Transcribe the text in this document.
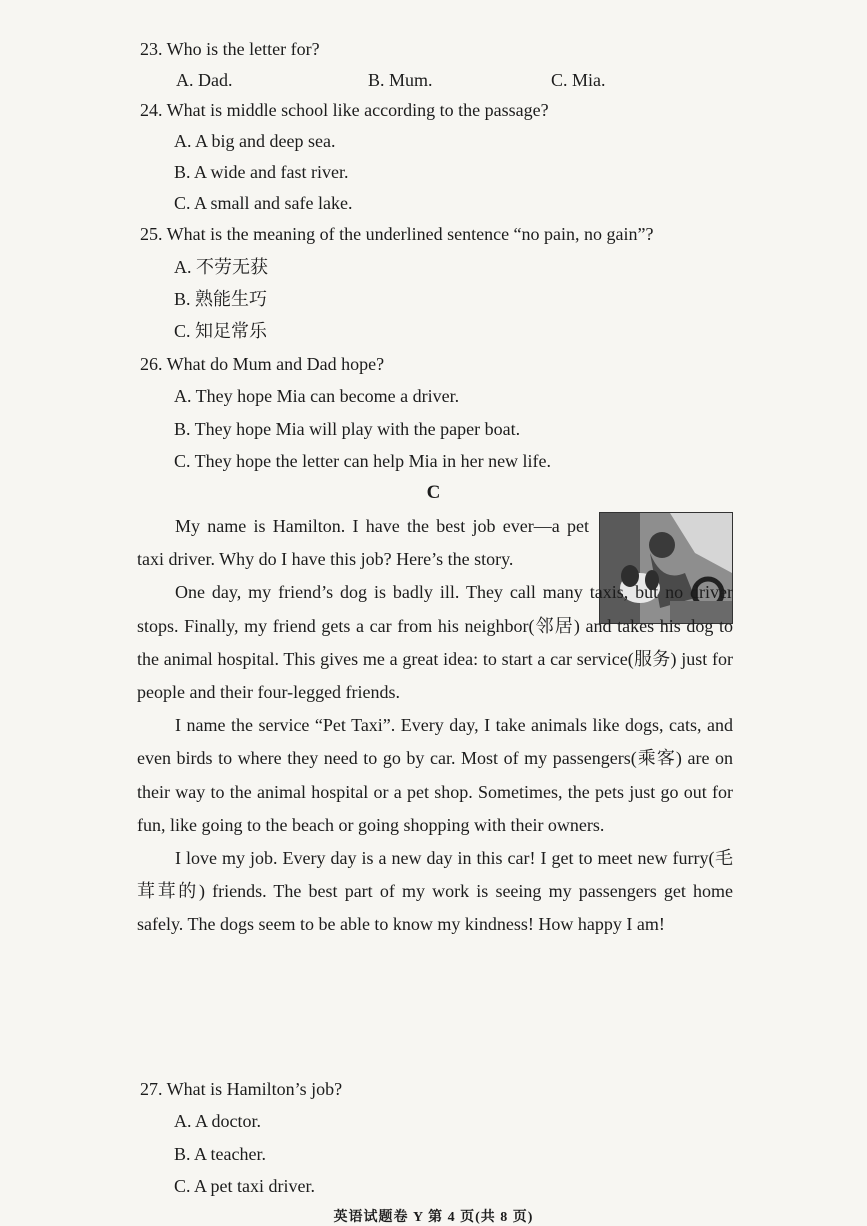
23. Who is the letter for?
A. Dad.	B. Mum.	C. Mia.
24. What is middle school like according to the passage?
A. A big and deep sea.
B. A wide and fast river.
C. A small and safe lake.
25. What is the meaning of the underlined sentence “no pain, no gain”?
A. 不劳无获
B. 熟能生巧
C. 知足常乐
26. What do Mum and Dad hope?
A. They hope Mia can become a driver.
B. They hope Mia will play with the paper boat.
C. They hope the letter can help Mia in her new life.
C
My name is Hamilton. I have the best job ever—a pet taxi driver. Why do I have this job? Here’s the story.
One day, my friend’s dog is badly ill. They call many taxis, but no driver stops. Finally, my friend gets a car from his neighbor(邻居) and takes his dog to the animal hospital. This gives me a great idea: to start a car service(服务) just for people and their four-legged friends.
I name the service “Pet Taxi”. Every day, I take animals like dogs, cats, and even birds to where they need to go by car. Most of my passengers(乘客) are on their way to the animal hospital or a pet shop. Sometimes, the pets just go out for fun, like going to the beach or going shopping with their owners.
I love my job. Every day is a new day in this car! I get to meet new furry(毛茸茸的) friends. The best part of my work is seeing my passengers get home safely. The dogs seem to be able to know my kindness! How happy I am!
27. What is Hamilton’s job?
A. A doctor.
B. A teacher.
C. A pet taxi driver.
英语试题卷 Y 第 4 页(共 8 页)
